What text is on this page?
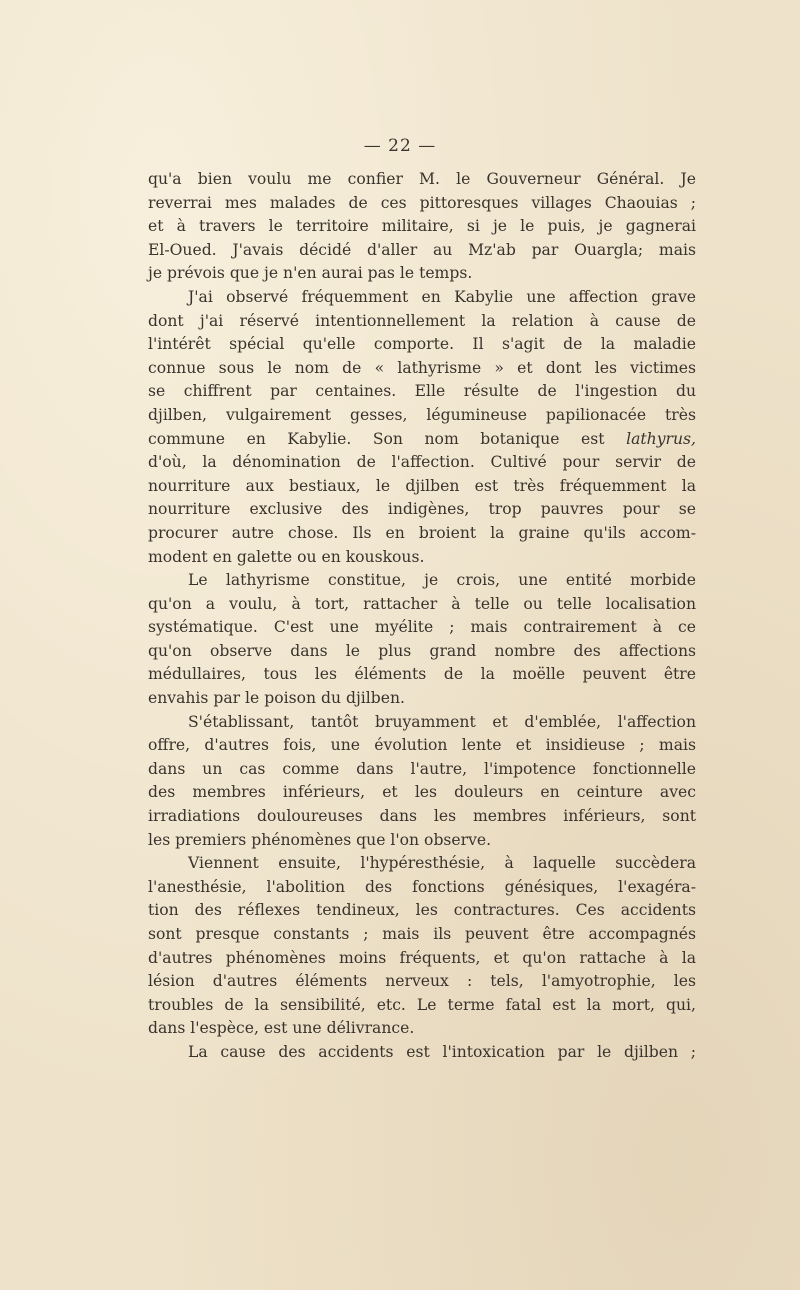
— 22 —
qu'a bien voulu me confier M. le Gouverneur Général. Je
reverrai mes malades de ces pittoresques villages Chaouias ;
et à travers le territoire militaire, si je le puis, je gagnerai
El-Oued. J'avais décidé d'aller au Mz'ab par Ouargla; mais
je prévois que je n'en aurai pas le temps.
J'ai observé fréquemment en Kabylie une affection grave
dont j'ai réservé intentionnellement la relation à cause de
l'intérêt spécial qu'elle comporte. Il s'agit de la maladie
connue sous le nom de « lathyrisme » et dont les victimes
se chiffrent par centaines. Elle résulte de l'ingestion du
djilben, vulgairement gesses, légumineuse papilionacée très
commune en Kabylie. Son nom botanique est lathyrus,
d'où, la dénomination de l'affection. Cultivé pour servir de
nourriture aux bestiaux, le djilben est très fréquemment la
nourriture exclusive des indigènes, trop pauvres pour se
procurer autre chose. Ils en broient la graine qu'ils accom-
modent en galette ou en kouskous.
Le lathyrisme constitue, je crois, une entité morbide
qu'on a voulu, à tort, rattacher à telle ou telle localisation
systématique. C'est une myélite ; mais contrairement à ce
qu'on observe dans le plus grand nombre des affections
médullaires, tous les éléments de la moëlle peuvent être
envahis par le poison du djilben.
S'établissant, tantôt bruyamment et d'emblée, l'affection
offre, d'autres fois, une évolution lente et insidieuse ; mais
dans un cas comme dans l'autre, l'impotence fonctionnelle
des membres inférieurs, et les douleurs en ceinture avec
irradiations douloureuses dans les membres inférieurs, sont
les premiers phénomènes que l'on observe.
Viennent ensuite, l'hypéresthésie, à laquelle succèdera
l'anesthésie, l'abolition des fonctions génésiques, l'exagéra-
tion des réflexes tendineux, les contractures. Ces accidents
sont presque constants ; mais ils peuvent être accompagnés
d'autres phénomènes moins fréquents, et qu'on rattache à la
lésion d'autres éléments nerveux : tels, l'amyotrophie, les
troubles de la sensibilité, etc. Le terme fatal est la mort, qui,
dans l'espèce, est une délivrance.
La cause des accidents est l'intoxication par le djilben ;
